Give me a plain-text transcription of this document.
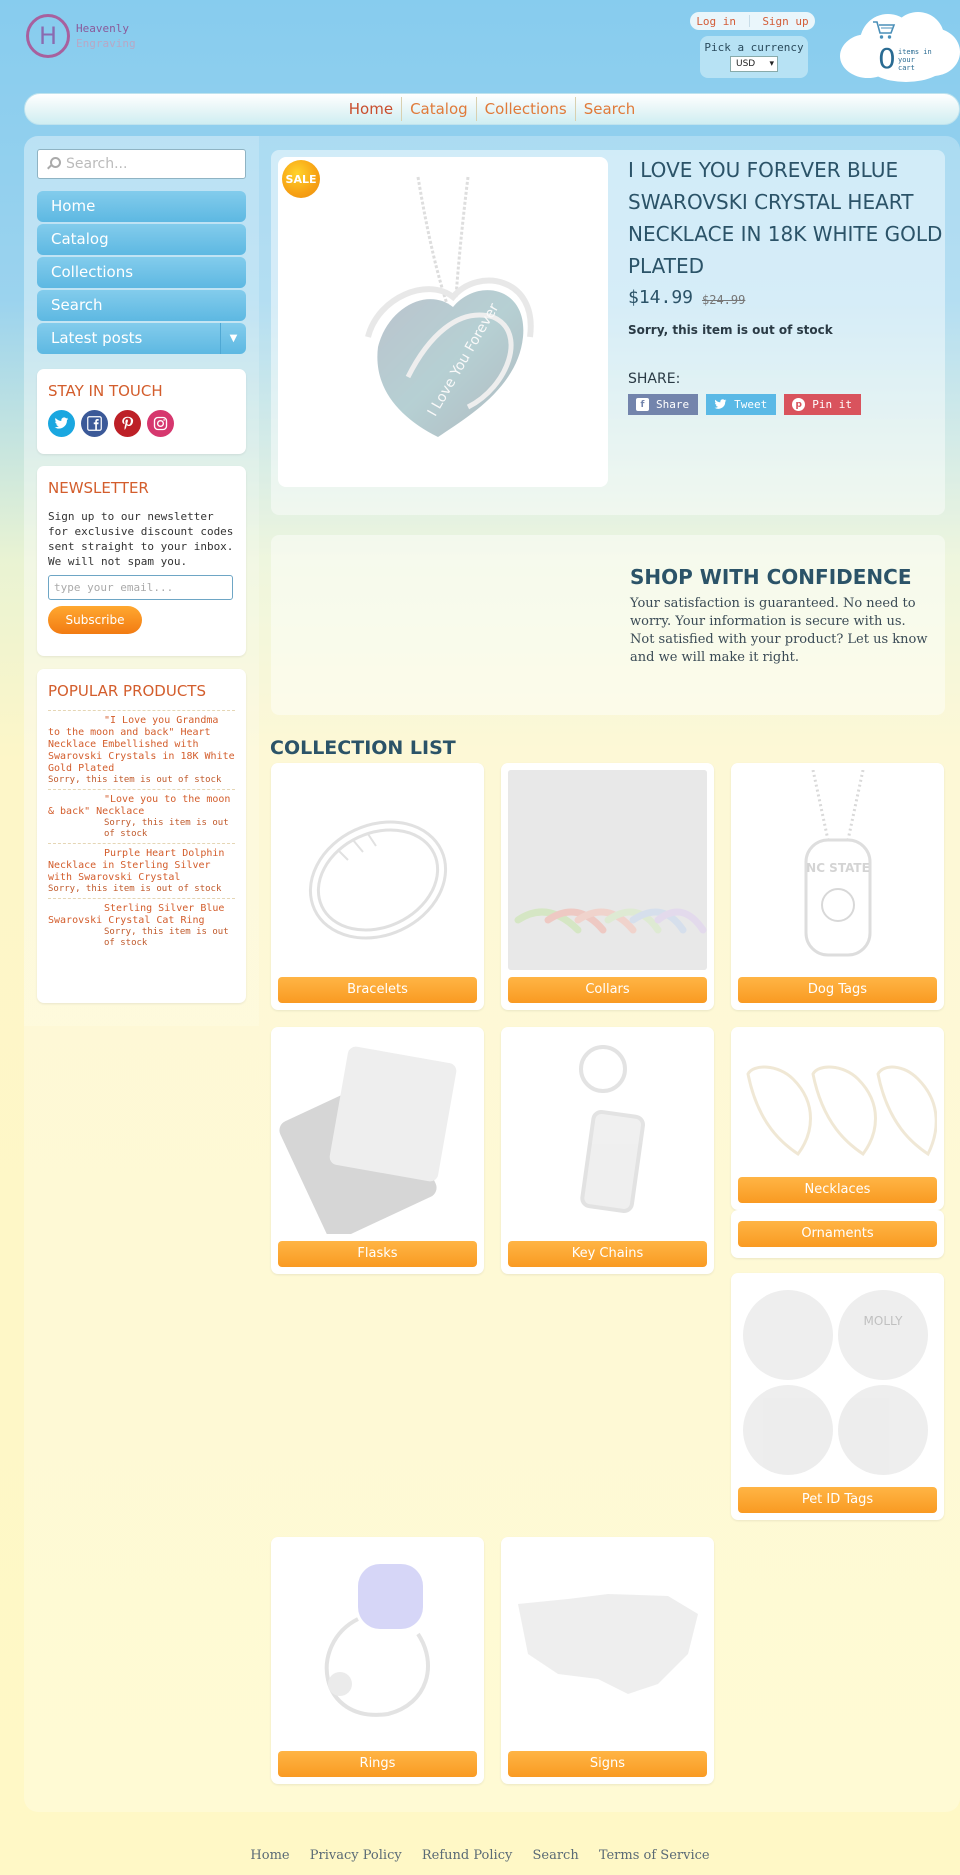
H	Heavenly
Engraving
Log in Sign up
Pick a currency
USD ▾	0 items in
your
cart
Home	Catalog	Collections	Search
Search...
Home
Catalog
Collections
Search
Latest posts	▼
STAY IN TOUCH
NEWSLETTER
Sign up to our newsletter for exclusive discount codes sent straight to your inbox. We will not spam you.
type your email...
Subscribe
POPULAR PRODUCTS
"I Love you Grandma to the moon and back" Heart Necklace Embellished with Swarovski Crystals in 18K White Gold Plated
Sorry, this item is out of stock
"Love you to the moon & back" Necklace
Sorry, this item is out of stock
Purple Heart Dolphin Necklace in Sterling Silver with Swarovski Crystal
Sorry, this item is out of stock
Sterling Silver Blue Swarovski Crystal Cat Ring
Sorry, this item is out of stock
I Love You Forever
SALE	I LOVE YOU FOREVER BLUE SWAROVSKI CRYSTAL HEART NECKLACE IN 18K WHITE GOLD PLATED
$14.99 $24.99
Sorry, this item is out of stock
SHARE:
f	Share	Tweet	p Pin it
SHOP WITH CONFIDENCE

Your satisfaction is guaranteed. No need to worry. Your information is secure with us. Not satisfied with your product? Let us know and we will make it right.

COLLECTION LIST
Bracelets	Collars
NC STATE
Dog Tags
Flasks	Key Chains
Necklaces
Ornaments
MOLLY
Pet ID Tags
Rings	Signs
Home Privacy Policy Refund Policy Search Terms of Service
